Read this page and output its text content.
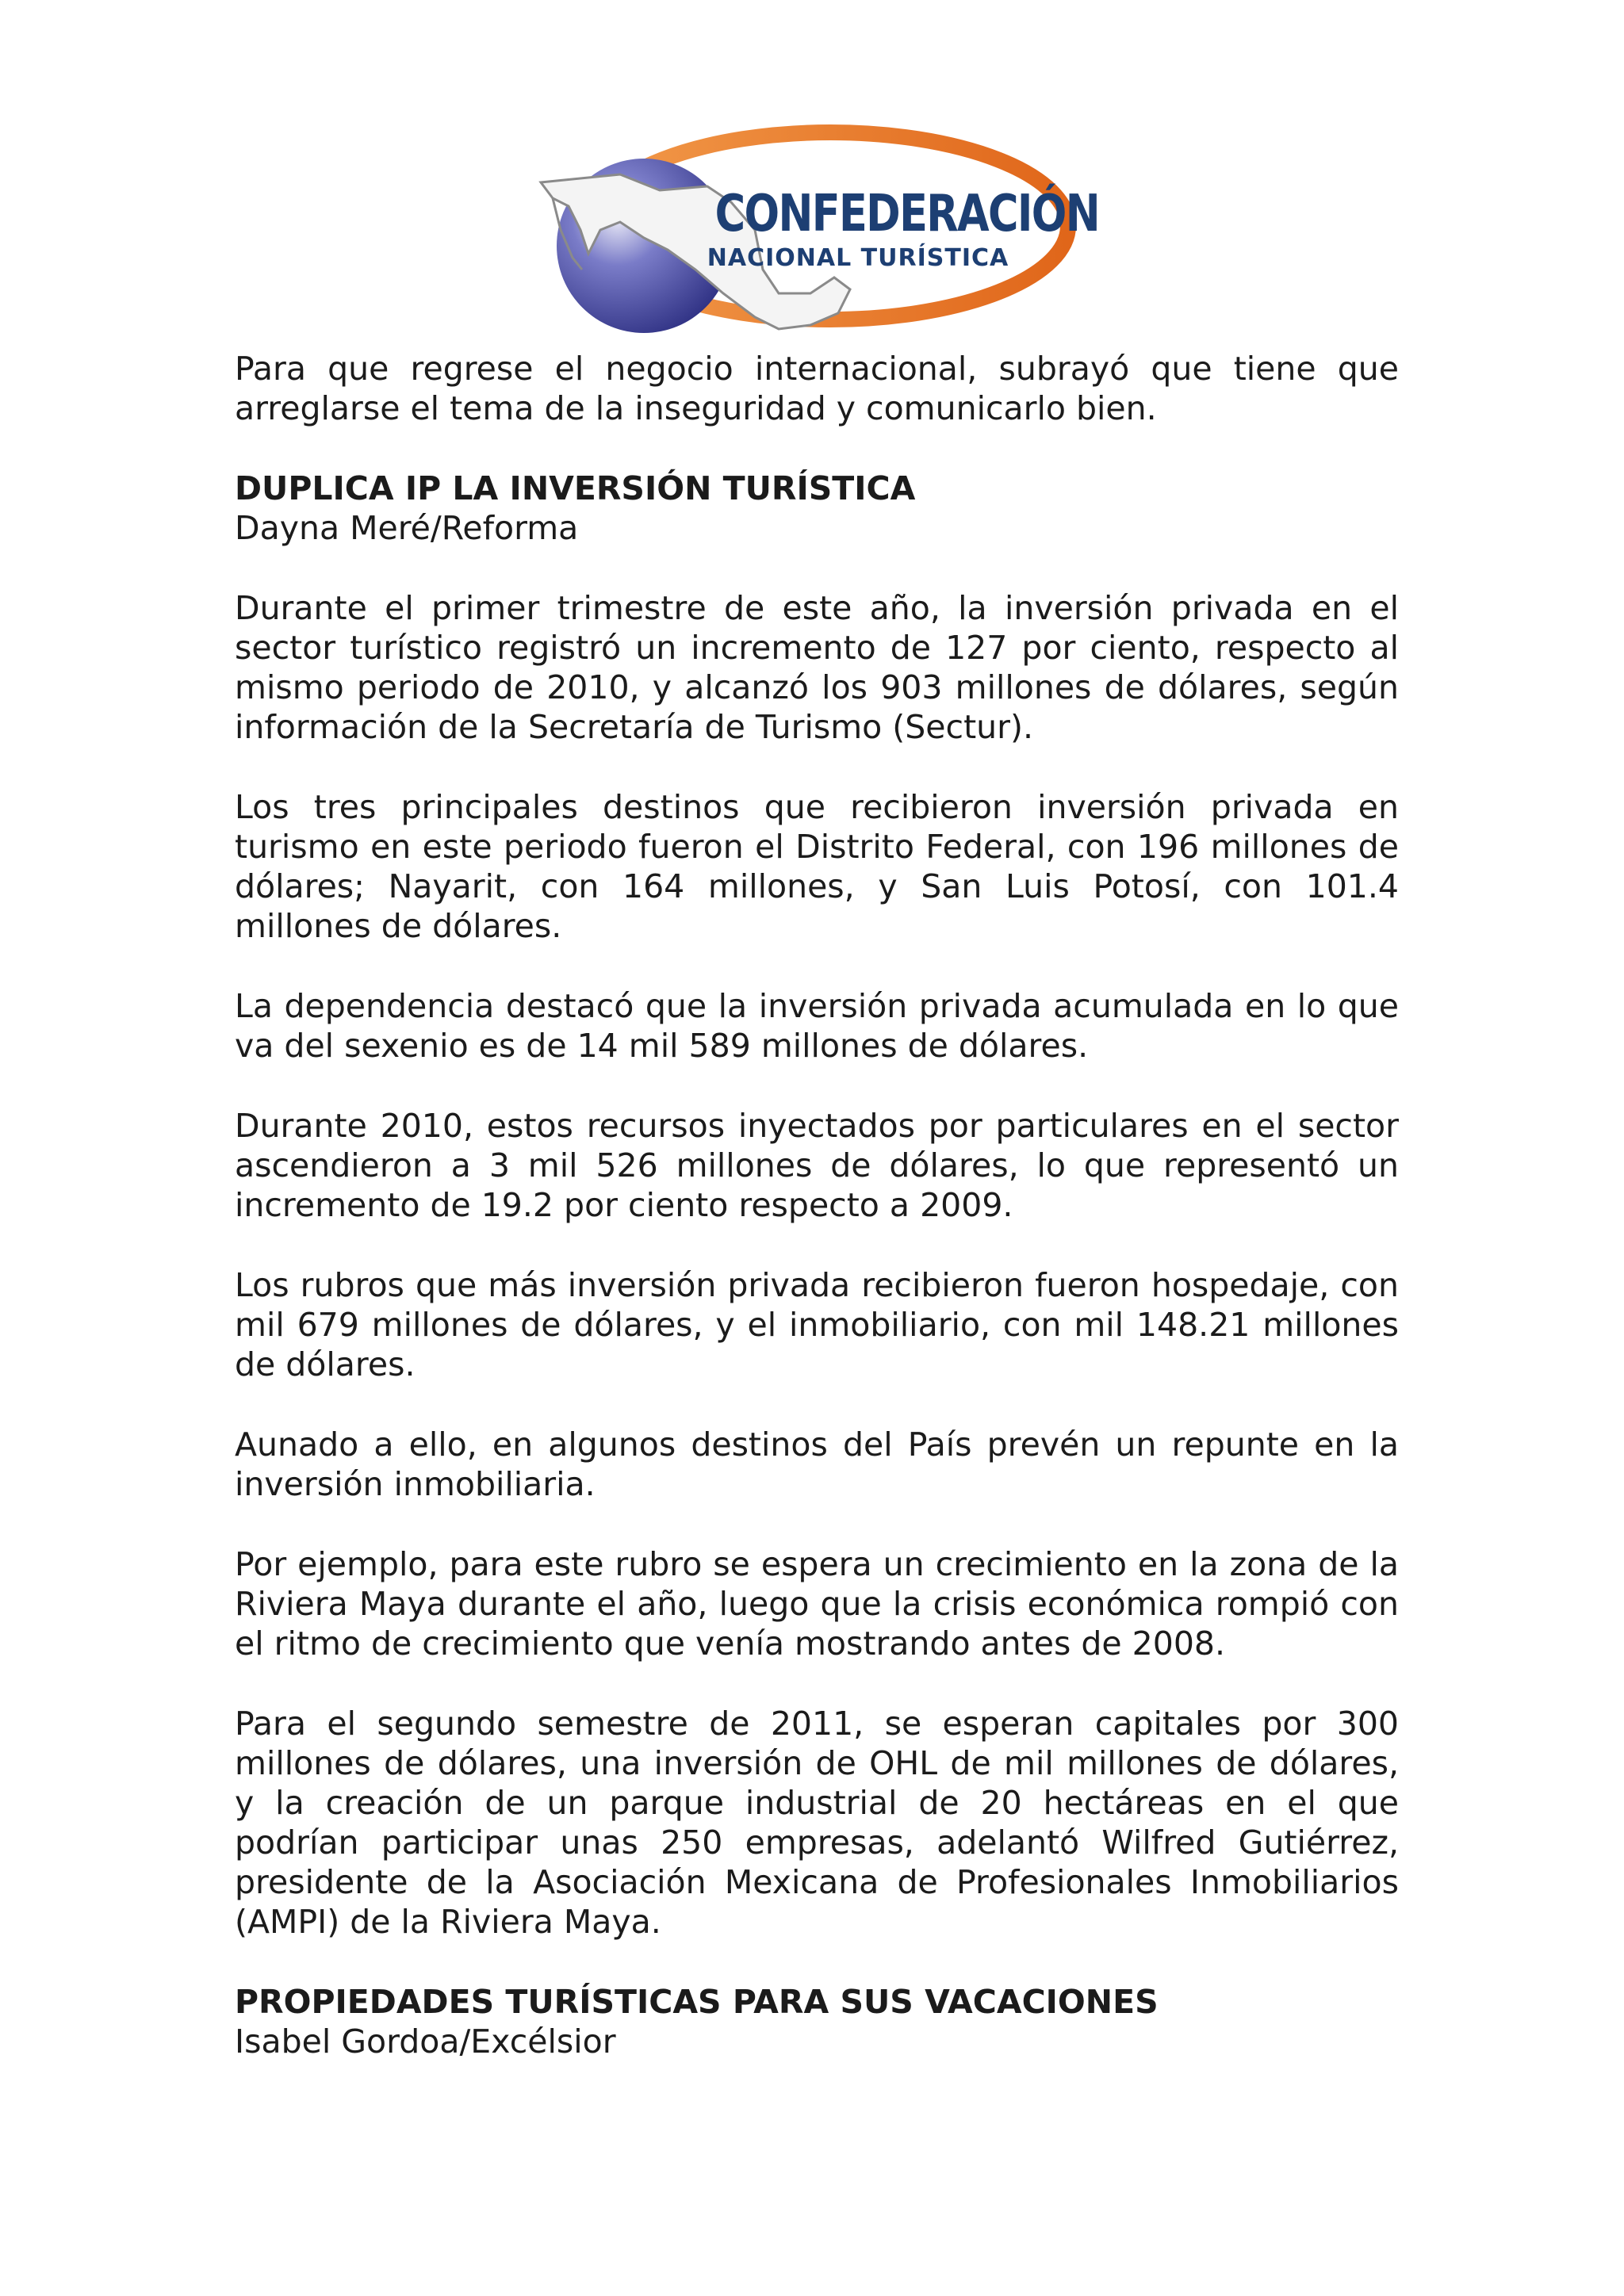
CONFEDERACIÓN
NACIONAL TURÍSTICA

Para que regrese el negocio internacional, subrayó que tiene que arreglarse el tema de la inseguridad y comunicarlo bien.

DUPLICA IP LA INVERSIÓN TURÍSTICA
Dayna Meré/Reforma

Durante el primer trimestre de este año, la inversión privada en el sector turístico registró un incremento de 127 por ciento, respecto al mismo periodo de 2010, y alcanzó los 903 millones de dólares, según información de la Secretaría de Turismo (Sectur).

Los tres principales destinos que recibieron inversión privada en turismo en este periodo fueron el Distrito Federal, con 196 millones de dólares; Nayarit, con 164 millones, y San Luis Potosí, con 101.4 millones de dólares.

La dependencia destacó que la inversión privada acumulada en lo que va del sexenio es de 14 mil 589 millones de dólares.

Durante 2010, estos recursos inyectados por particulares en el sector ascendieron a 3 mil 526 millones de dólares, lo que representó un incremento de 19.2 por ciento respecto a 2009.

Los rubros que más inversión privada recibieron fueron hospedaje, con mil 679 millones de dólares, y el inmobiliario, con mil 148.21 millones de dólares.

Aunado a ello, en algunos destinos del País prevén un repunte en la inversión inmobiliaria.

Por ejemplo, para este rubro se espera un crecimiento en la zona de la Riviera Maya durante el año, luego que la crisis económica rompió con el ritmo de crecimiento que venía mostrando antes de 2008.

Para el segundo semestre de 2011, se esperan capitales por 300 millones de dólares, una inversión de OHL de mil millones de dólares, y la creación de un parque industrial de 20 hectáreas en el que podrían participar unas 250 empresas, adelantó Wilfred Gutiérrez, presidente de la Asociación Mexicana de Profesionales Inmobiliarios (AMPI) de la Riviera Maya.

PROPIEDADES TURÍSTICAS PARA SUS VACACIONES
Isabel Gordoa/Excélsior
